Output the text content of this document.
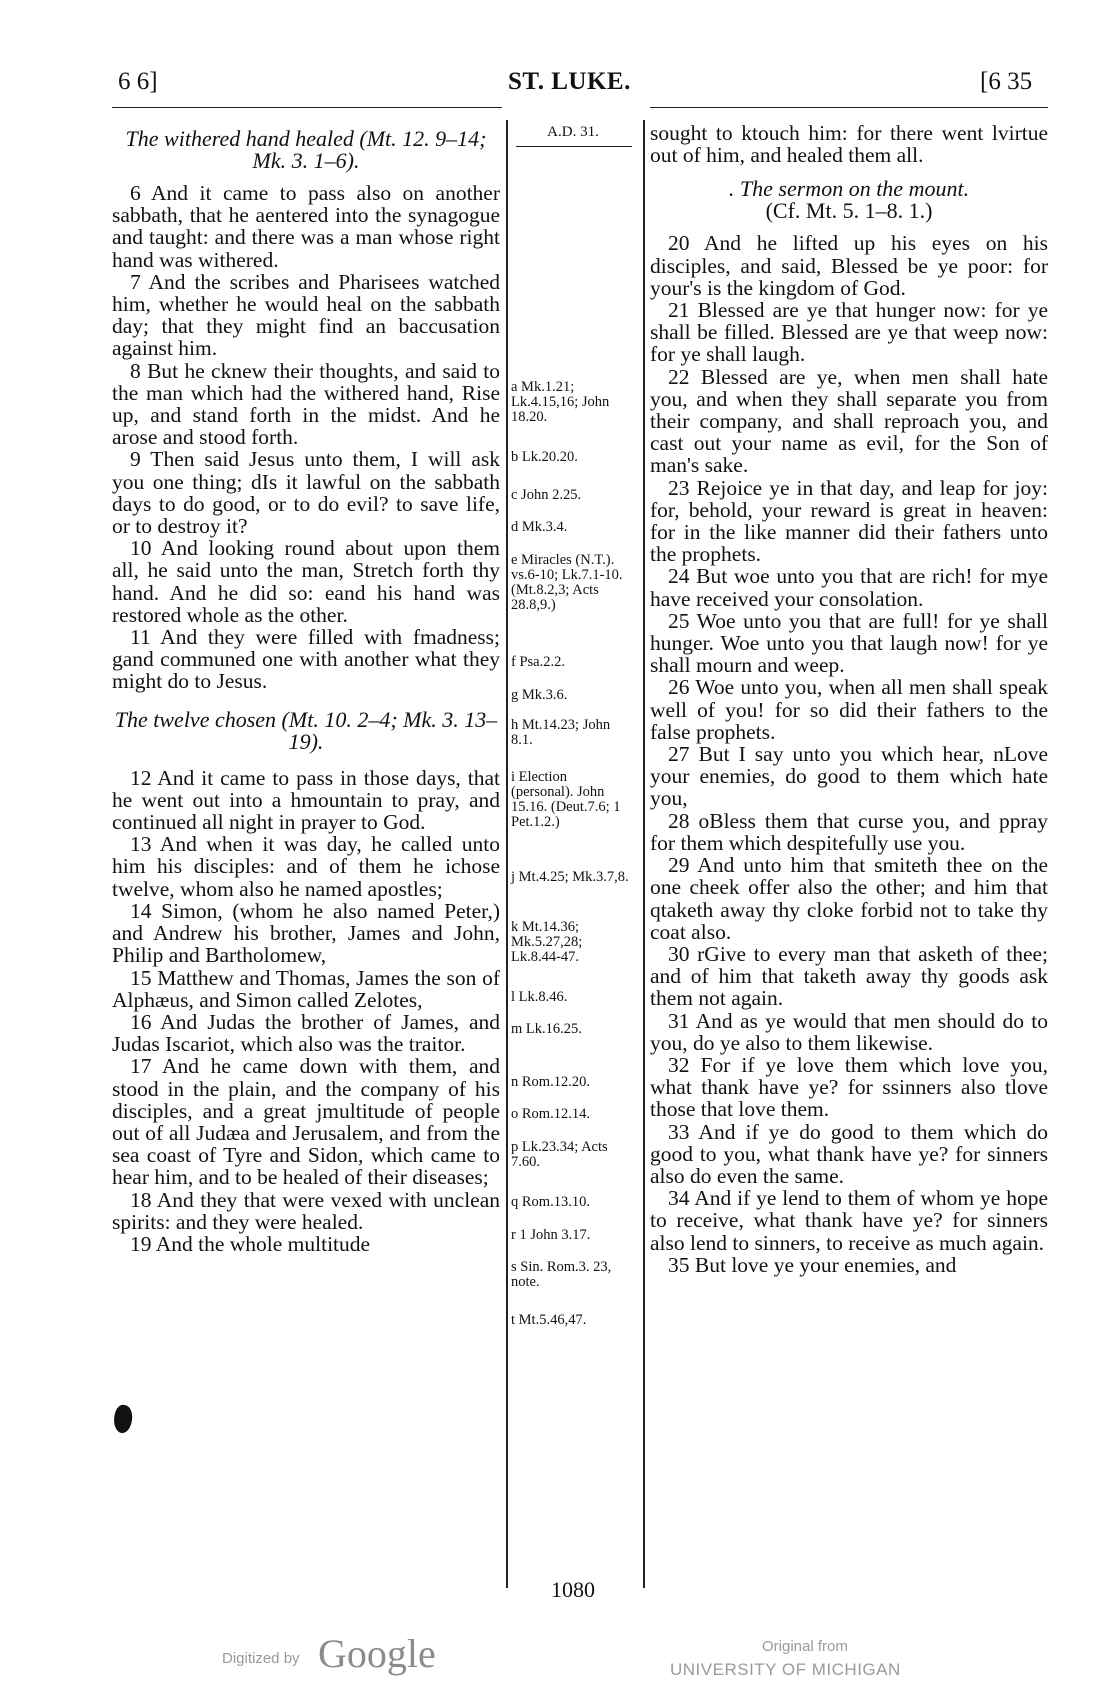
6 6]	ST. LUKE.	[6 35
A.D. 31.
a Mk.1.21; Lk.4.15,16; John 18.20.
b Lk.20.20.
c John 2.25.
d Mk.3.4.
e Miracles (N.T.). vs.6-10; Lk.7.1-10. (Mt.8.2,3; Acts 28.8,9.)
f Psa.2.2.
g Mk.3.6.
h Mt.14.23; John 8.1.
i Election (personal). John 15.16. (Deut.7.6; 1 Pet.1.2.)
j Mt.4.25; Mk.3.7,8.
k Mt.14.36; Mk.5.27,28; Lk.8.44-47.
l Lk.8.46.
m Lk.16.25.
n Rom.12.20.
o Rom.12.14.
p Lk.23.34; Acts 7.60.
q Rom.13.10.
r 1 John 3.17.
s Sin. Rom.3. 23, note.
t Mt.5.46,47.
The withered hand healed (Mt. 12. 9–14; Mk. 3. 1–6).

6 And it came to pass also on another sabbath, that he aentered into the synagogue and taught: and there was a man whose right hand was withered.

7 And the scribes and Pharisees watched him, whether he would heal on the sabbath day; that they might find an baccusation against him.

8 But he cknew their thoughts, and said to the man which had the withered hand, Rise up, and stand forth in the midst. And he arose and stood forth.

9 Then said Jesus unto them, I will ask you one thing; dIs it lawful on the sabbath days to do good, or to do evil? to save life, or to destroy it?

10 And looking round about upon them all, he said unto the man, Stretch forth thy hand. And he did so: eand his hand was restored whole as the other.

11 And they were filled with fmadness; gand communed one with another what they might do to Jesus.

The twelve chosen (Mt. 10. 2–4; Mk. 3. 13–19).

12 And it came to pass in those days, that he went out into a hmountain to pray, and continued all night in prayer to God.

13 And when it was day, he called unto him his disciples: and of them he ichose twelve, whom also he named apostles;

14 Simon, (whom he also named Peter,) and Andrew his brother, James and John, Philip and Bartholomew,

15 Matthew and Thomas, James the son of Alphæus, and Simon called Zelotes,

16 And Judas the brother of James, and Judas Iscariot, which also was the traitor.

17 And he came down with them, and stood in the plain, and the company of his disciples, and a great jmultitude of people out of all Judæa and Jerusalem, and from the sea coast of Tyre and Sidon, which came to hear him, and to be healed of their diseases;

18 And they that were vexed with unclean spirits: and they were healed.

19 And the whole multitude

sought to ktouch him: for there went lvirtue out of him, and healed them all.

. The sermon on the mount.
(Cf. Mt. 5. 1–8. 1.)

20 And he lifted up his eyes on his disciples, and said, Blessed be ye poor: for your's is the kingdom of God.

21 Blessed are ye that hunger now: for ye shall be filled. Blessed are ye that weep now: for ye shall laugh.

22 Blessed are ye, when men shall hate you, and when they shall separate you from their company, and shall reproach you, and cast out your name as evil, for the Son of man's sake.

23 Rejoice ye in that day, and leap for joy: for, behold, your reward is great in heaven: for in the like manner did their fathers unto the prophets.

24 But woe unto you that are rich! for mye have received your consolation.

25 Woe unto you that are full! for ye shall hunger. Woe unto you that laugh now! for ye shall mourn and weep.

26 Woe unto you, when all men shall speak well of you! for so did their fathers to the false prophets.

27 But I say unto you which hear, nLove your enemies, do good to them which hate you,

28 oBless them that curse you, and ppray for them which despitefully use you.

29 And unto him that smiteth thee on the one cheek offer also the other; and him that qtaketh away thy cloke forbid not to take thy coat also.

30 rGive to every man that asketh of thee; and of him that taketh away thy goods ask them not again.

31 And as ye would that men should do to you, do ye also to them likewise.

32 For if ye love them which love you, what thank have ye? for ssinners also tlove those that love them.

33 And if ye do good to them which do good to you, what thank have ye? for sinners also do even the same.

34 And if ye lend to them of whom ye hope to receive, what thank have ye? for sinners also lend to sinners, to receive as much again.

35 But love ye your enemies, and

1080
Digitized by Google	Original from
UNIVERSITY OF MICHIGAN
